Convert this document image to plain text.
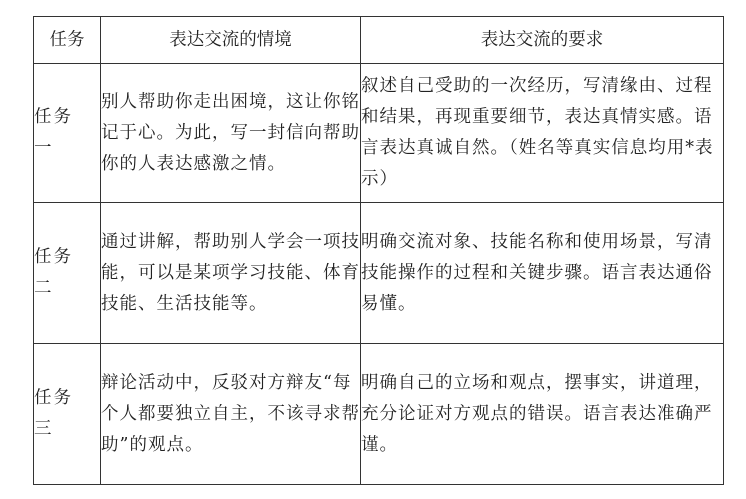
任务	表达交流的情境	表达交流的要求

任务一	别人帮助你走出困境，这让你铭记于心。为此，写一封信向帮助你的人表达感激之情。	叙述自己受助的一次经历，写清缘由、过程和结果，再现重要细节，表达真情实感。语言表达真诚自然。（姓名等真实信息均用*表示）

任务二	通过讲解，帮助别人学会一项技能，可以是某项学习技能、体育技能、生活技能等。	明确交流对象、技能名称和使用场景，写清技能操作的过程和关键步骤。语言表达通俗易懂。

任务三	辩论活动中，反驳对方辩友“每个人都要独立自主，不该寻求帮助”的观点。	明确自己的立场和观点，摆事实，讲道理，充分论证对方观点的错误。语言表达准确严谨。
